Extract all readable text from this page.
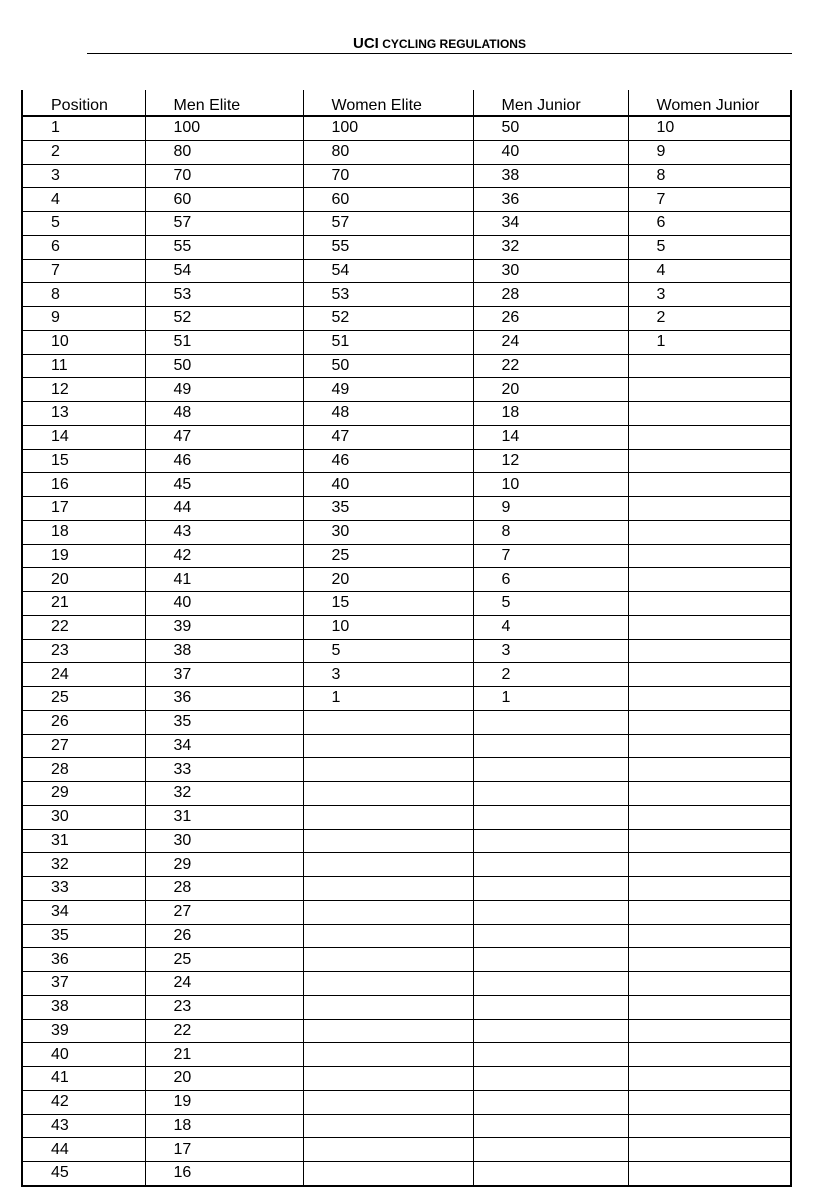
UCI CYCLING REGULATIONS
Position	Men Elite	Women Elite	Men Junior	Women Junior
1	100	100	50	10
2	80	80	40	9
3	70	70	38	8
4	60	60	36	7
5	57	57	34	6
6	55	55	32	5
7	54	54	30	4
8	53	53	28	3
9	52	52	26	2
10	51	51	24	1
11	50	50	22	
12	49	49	20	
13	48	48	18	
14	47	47	14	
15	46	46	12	
16	45	40	10	
17	44	35	9	
18	43	30	8	
19	42	25	7	
20	41	20	6	
21	40	15	5	
22	39	10	4	
23	38	5	3	
24	37	3	2	
25	36	1	1	
26	35			
27	34			
28	33			
29	32			
30	31			
31	30			
32	29			
33	28			
34	27			
35	26			
36	25			
37	24			
38	23			
39	22			
40	21			
41	20			
42	19			
43	18			
44	17			
45	16			
